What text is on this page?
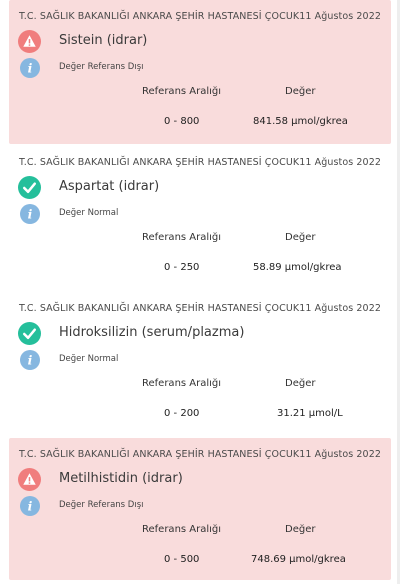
T.C. SAĞLIK BAKANLIĞI ANKARA ŞEHİR HASTANESİ ÇOCUK 11 Ağustos 2022
i
Sistein (idrar)
Değer Referans Dışı
Referans Aralığı	Değer
0 - 800	841.58 µmol/gkrea
T.C. SAĞLIK BAKANLIĞI ANKARA ŞEHİR HASTANESİ ÇOCUK 11 Ağustos 2022
i
Aspartat (idrar)
Değer Normal
Referans Aralığı	Değer
0 - 250	58.89 µmol/gkrea
T.C. SAĞLIK BAKANLIĞI ANKARA ŞEHİR HASTANESİ ÇOCUK 11 Ağustos 2022
i
Hidroksilizin (serum/plazma)
Değer Normal
Referans Aralığı	Değer
0 - 200	31.21 µmol/L
T.C. SAĞLIK BAKANLIĞI ANKARA ŞEHİR HASTANESİ ÇOCUK 11 Ağustos 2022
i
Metilhistidin (idrar)
Değer Referans Dışı
Referans Aralığı	Değer
0 - 500	748.69 µmol/gkrea
